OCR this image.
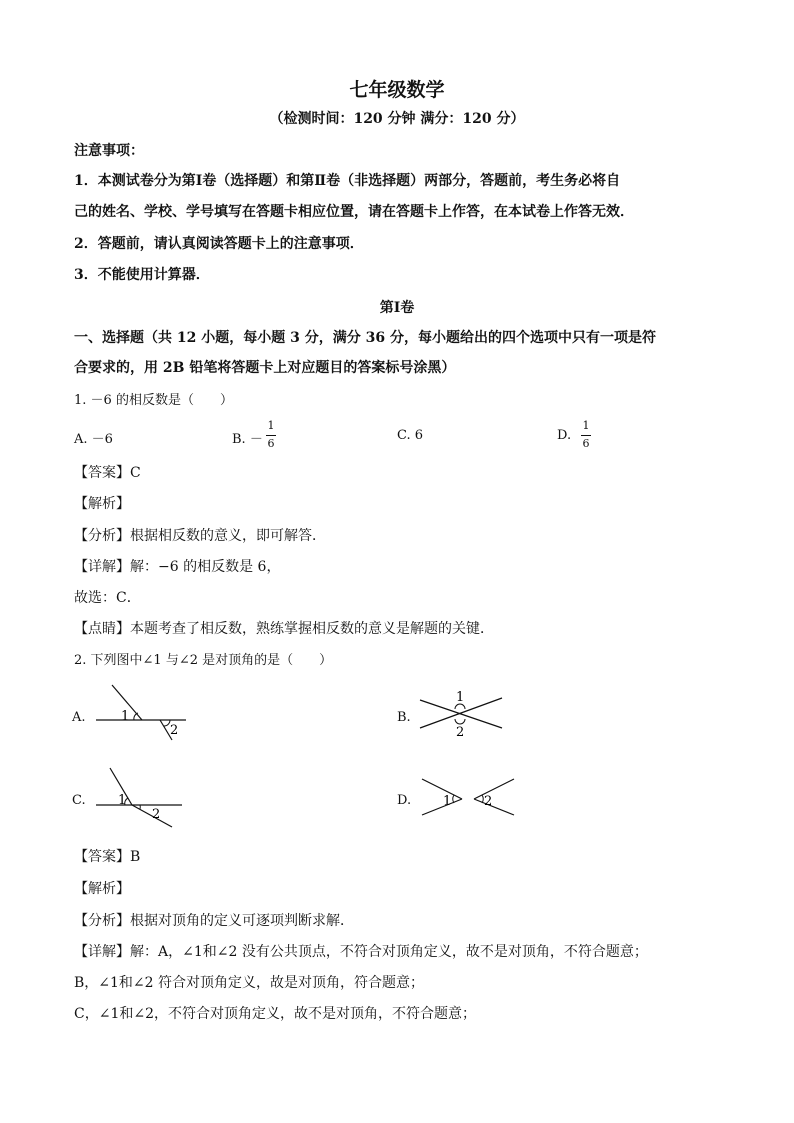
七年级数学
（检测时间：120 分钟 满分：120 分）
注意事项：
1．本测试卷分为第Ⅰ卷（选择题）和第Ⅱ卷（非选择题）两部分，答题前，考生务必将自
己的姓名、学校、学号填写在答题卡相应位置，请在答题卡上作答，在本试卷上作答无效．
2．答题前，请认真阅读答题卡上的注意事项．
3．不能使用计算器．
第Ⅰ卷
一、选择题（共 12 小题，每小题 3 分，满分 36 分，每小题给出的四个选项中只有一项是符
合要求的，用 2B 铅笔将答题卡上对应题目的答案标号涂黑）
1. －6 的相反数是（　　）
A. －6	B. －
1
6
C. 6	D.
1
6
【答案】C
【解析】
【分析】根据相反数的意义，即可解答．
【详解】解：−6 的相反数是 6，
故选：C．
【点睛】本题考查了相反数，熟练掌握相反数的意义是解题的关键．
2. 下列图中∠1 与∠2 是对顶角的是（　　）
A.	1
2
B.
1
2
C. 1
2
D. 1	2
【答案】B
【解析】
【分析】根据对顶角的定义可逐项判断求解．
【详解】解：A，∠1和∠2 没有公共顶点，不符合对顶角定义，故不是对顶角，不符合题意；
B，∠1和∠2 符合对顶角定义，故是对顶角，符合题意；
C，∠1和∠2，不符合对顶角定义，故不是对顶角，不符合题意；
